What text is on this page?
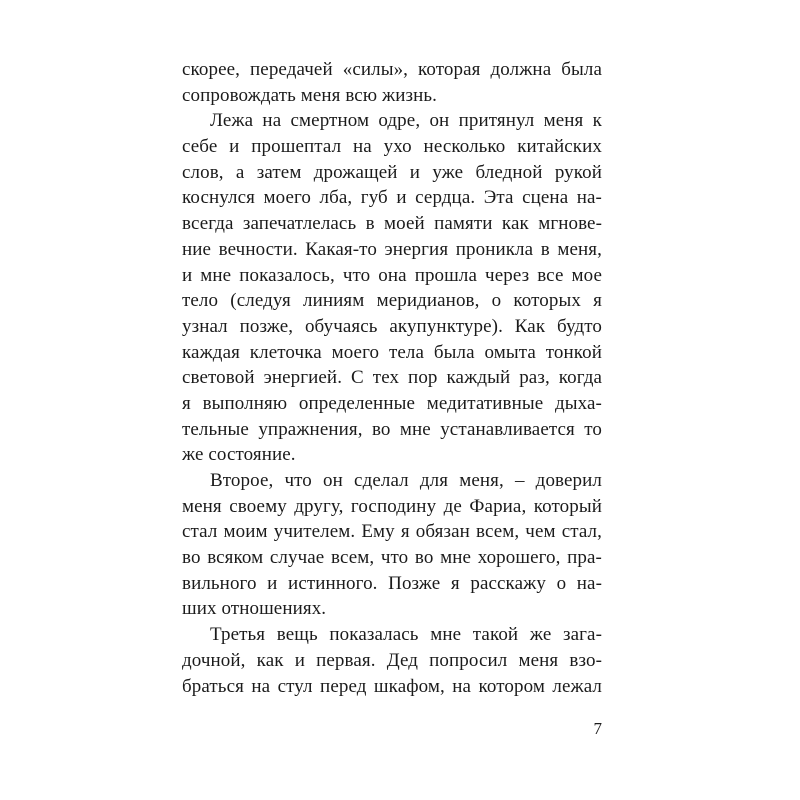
скорее, передачей «силы», которая должна была
сопровождать меня всю жизнь.
Лежа на смертном одре, он притянул меня к
себе и прошептал на ухо несколько китайских
слов, а затем дрожащей и уже бледной рукой
коснулся моего лба, губ и сердца. Эта сцена на-
всегда запечатлелась в моей памяти как мгнове-
ние вечности. Какая-то энергия проникла в меня,
и мне показалось, что она прошла через все мое
тело (следуя линиям меридианов, о которых я
узнал позже, обучаясь акупунктуре). Как будто
каждая клеточка моего тела была омыта тонкой
световой энергией. С тех пор каждый раз, когда
я выполняю определенные медитативные дыха-
тельные упражнения, во мне устанавливается то
же состояние.
Второе, что он сделал для меня, – доверил
меня своему другу, господину де Фариа, который
стал моим учителем. Ему я обязан всем, чем стал,
во всяком случае всем, что во мне хорошего, пра-
вильного и истинного. Позже я расскажу о на-
ших отношениях.
Третья вещь показалась мне такой же зага-
дочной, как и первая. Дед попросил меня взо-
браться на стул перед шкафом, на котором лежал
7
